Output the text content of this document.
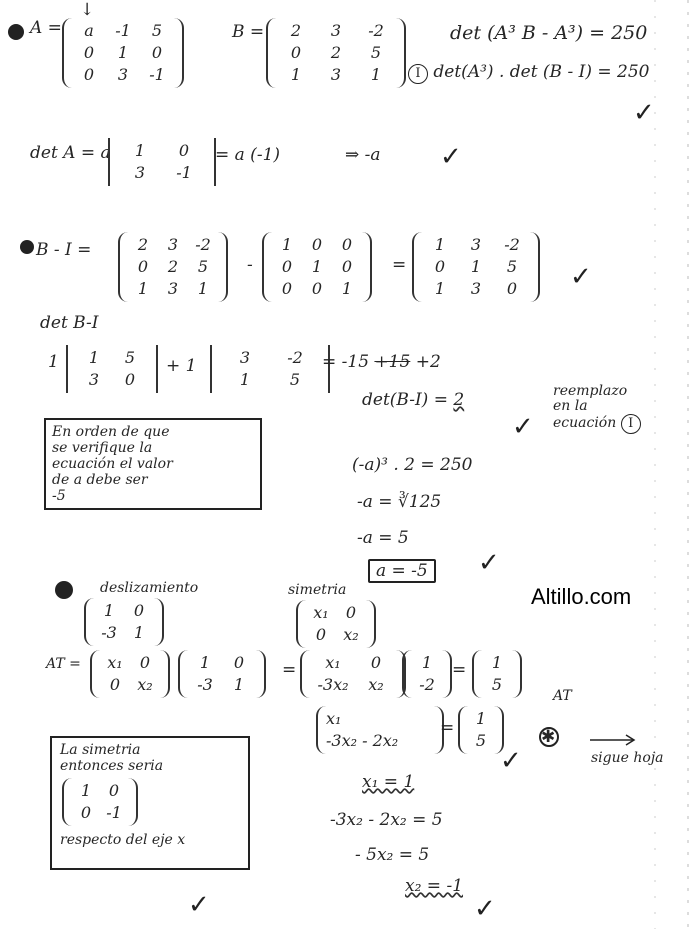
A =
↓
a	-1	5
0	1	0
0	3	-1
B =	2	3	-2
0	2	5
1	3	1
det (A³ B - A³) = 250
I det(A³) . det (B - I) = 250
✓
det A = a	1	0
3	-1
= a (-1)	⇒ -a ✓
B - I =	2	3	-2
0	2	5
1	3	1
-
1	0	0
0	1	0
0	0	1
=
1	3	-2
0	1	5
1	3	0	✓
det B-I
1	1	5
3	0
+ 1	3	-2
1	5
= -15 +15 +2
det(B-I) = 2	reemplazo
en la
ecuación I
✓
En orden de que
se verifique la
ecuación el valor
de a debe ser
-5
(-a)³ . 2 = 250
-a = ∛125
-a = 5
a = -5	✓
Altillo.com
deslizamiento
1	0
-3	1
simetria
x₁	0
0	x₂
AT =	x₁	0
0	x₂
1	0
-3	1
=	x₁	0
-3x₂	x₂
1
-2
=	1
5
AT
x₁
-3x₂ - 2x₂
=	1
5
✓
✱
sigue hoja
x₁ = 1
-3x₂ - 2x₂ = 5
- 5x₂ = 5
x₂ = -1
✓
La simetria
entonces seria
1	0
0 -1
respecto del eje x
✓
